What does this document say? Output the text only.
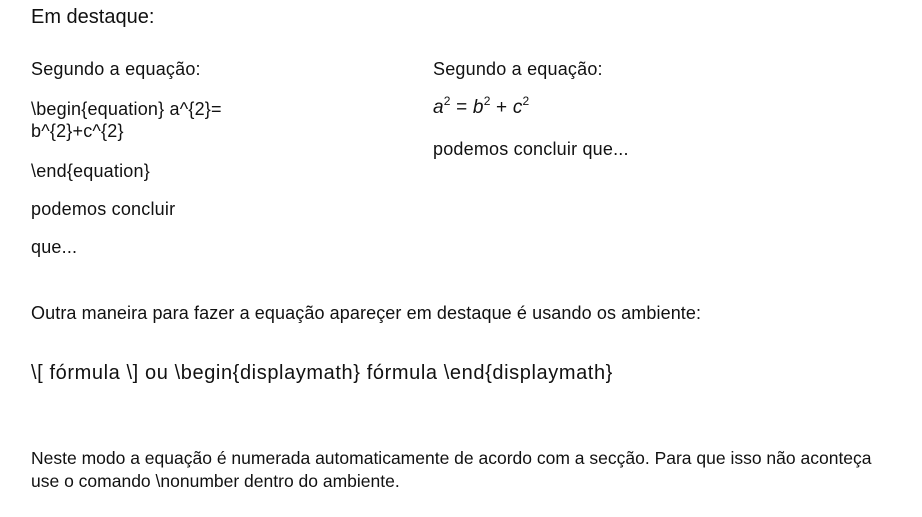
Em destaque:
Segundo a equação:
\begin{equation} a^{2}= b^{2}+c^{2}
\end{equation}
podemos concluir
que...
Segundo a equação:
$a^2 = b^2 + c^2$
podemos concluir que...
Outra maneira para fazer a equação apareçer em destaque é usando os ambiente:
\[ fórmula \] ou \begin{displaymath} fórmula \end{displaymath}
Neste modo a equação é numerada automaticamente de acordo com a secção. Para que isso não aconteça use o comando \nonumber dentro do ambiente.
